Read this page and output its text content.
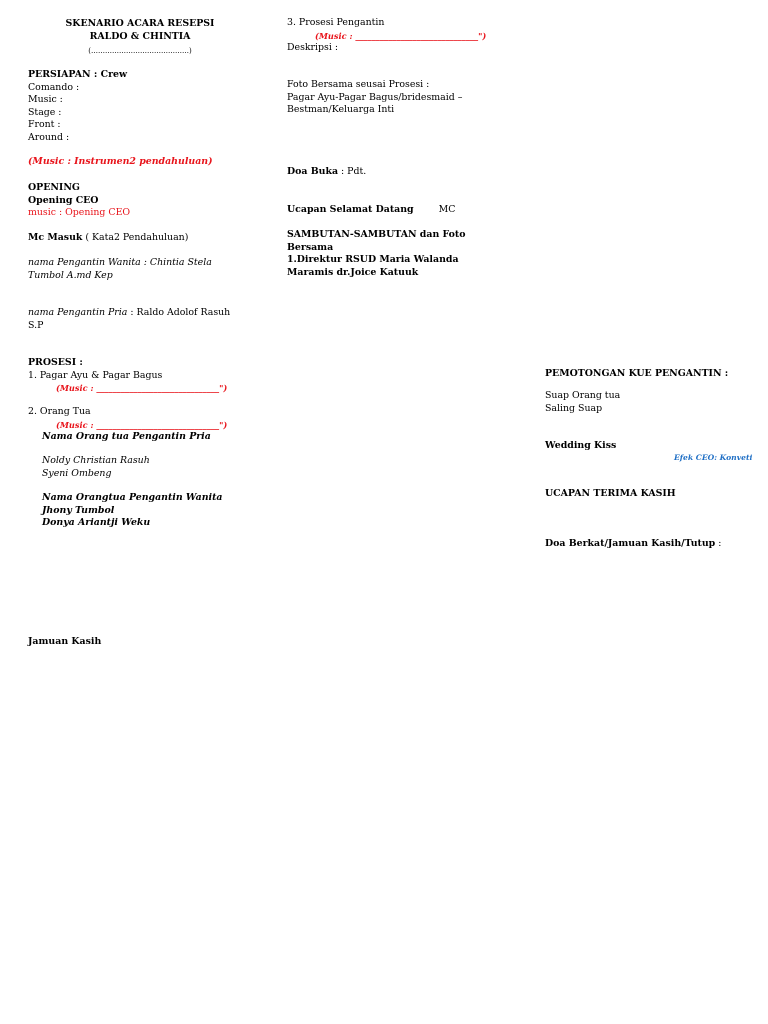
SKENARIO ACARA RESEPSI
RALDO & CHINTIA
(……………………………………)
PERSIAPAN : Crew
Comando :
Music :
Stage :
Front :
Around :
(Music : Instrumen2 pendahuluan)
OPENING
Opening CEO
music : Opening CEO
Mc Masuk ( Kata2 Pendahuluan)
nama Pengantin Wanita : Chintia Stela
Tumbol A.md Kep
nama Pengantin Pria : Raldo Adolof Rasuh
S.P
PROSESI :
1. Pagar Ayu & Pagar Bagus
(Music : ______________________________")
2. Orang Tua
(Music : ______________________________")
Nama Orang tua Pengantin Pria
Noldy Christian Rasuh
Syeni Ombeng
Nama Orangtua Pengantin Wanita
Jhony Tumbol
Donya Ariantji Weku
Jamuan Kasih
3. Prosesi Pengantin
(Music : ______________________________")
Deskripsi :
Foto Bersama seusai Prosesi :
Pagar Ayu-Pagar Bagus/bridesmaid –
Bestman/Keluarga Inti
Doa Buka : Pdt.
Ucapan Selamat Datang	MC
SAMBUTAN-SAMBUTAN dan Foto
Bersama
1.Direktur RSUD Maria Walanda
Maramis dr.Joice Katuuk
PEMOTONGAN KUE PENGANTIN :
Suap Orang tua
Saling Suap
Wedding Kiss
Efek CEO: Konveti
UCAPAN TERIMA KASIH
Doa Berkat/Jamuan Kasih/Tutup :
